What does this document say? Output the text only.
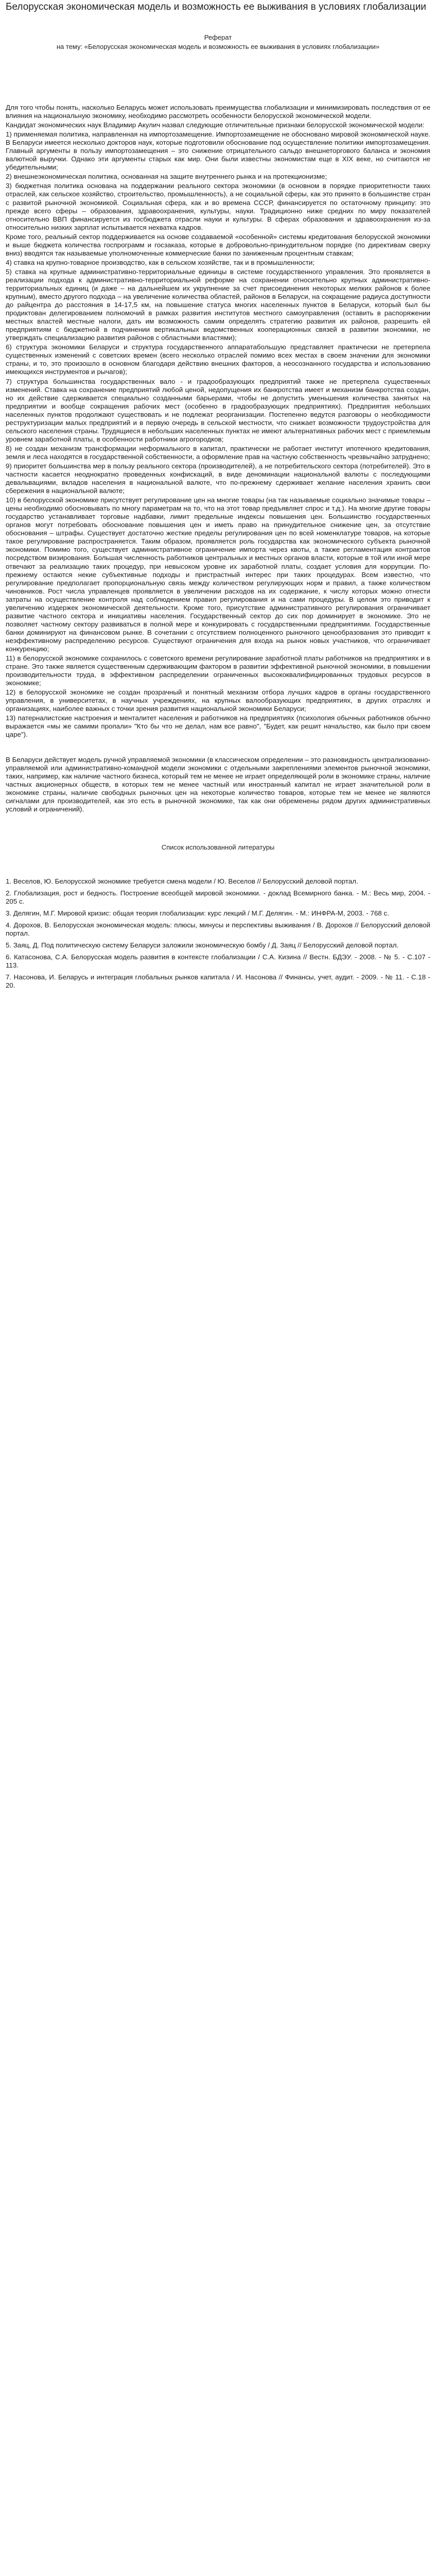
Белорусская экономическая модель и возможность ее выживания в условиях глобализации
Реферат
на тему: «Белорусская экономическая модель и возможность ее выживания в условиях глобализации»

Для того чтобы понять, насколько Беларусь может использовать преимущества глобализации и минимизировать последствия от ее влияния на национальную экономику, необходимо рассмотреть особенности белорусской экономической модели.

Кандидат экономических наук Владимир Акулич назвал следующие отличительные признаки белорусской экономической модели:

1) применяемая политика, направленная на импортозамещение. Импортозамещение не обосновано мировой экономической науке. В Беларуси имеется несколько докторов наук, которые подготовили обоснование под осуществление политики импортозамещения. Главный аргументы в пользу импортозамещения – это снижение отрицательного сальдо внешнеторгового баланса и экономия валютной выручки. Однако эти аргументы старых как мир. Они были известны экономистам еще в XIX веке, но считаются не убедительными;

2) внешнеэкономическая политика, основанная на защите внутреннего рынка и на протекционизме;

3) бюджетная политика основана на поддержании реального сектора экономики (в основном в порядке приоритетности таких отраслей, как сельское хозяйство, строительство, промышленность), а не социальной сферы, как это принято в большинстве стран с развитой рыночной экономикой. Социальная сфера, как и во времена СССР, финансируется по остаточному принципу: это прежде всего сферы – образования, здравоохранения, культуры, науки. Традиционно ниже средних по миру показателей относительно ВВП финансируется из госбюджета отрасли науки и культуры. В сферах образования и здравоохранения из-за относительно низких зарплат испытывается нехватка кадров.

Кроме того, реальный сектор поддерживается на основе создаваемой «особенной» системы кредитования белорусской экономики и выше бюджета количества госпрограмм и госзаказа, которые в добровольно-принудительном порядке (по директивам сверху вниз) вводятся так называемые уполномоченные коммерческие банки по заниженным процентным ставкам;

4) ставка на крупно-товарное производство, как в сельском хозяйстве, так и в промышленности;

5) ставка на крупные административно-территориальные единицы в системе государственного управления. Это проявляется в реализации подхода к административно-территориальной реформе на сохранении относительно крупных административно-территориальных единиц (и даже – на дальнейшем их укрупнение за счет присоединения некоторых мелких районов к более крупным), вместо другого подхода – на увеличение количества областей, районов в Беларуси, на сокращение радиуса доступности до райцентра до расстояния в 14-17,5 км, на повышение статуса многих населенных пунктов в Беларуси, который был бы продиктован делегированием полномочий в рамках развития институтов местного самоуправления (оставить в распоряжении местных властей местные налоги, дать им возможность самим определять стратегию развития их районов, разрешить ей предприятиям с бюджетной в подчинении вертикальных ведомственных кооперационных связей в развитии экономики, не утверждать специализацию развития районов с областными властями);

6) структура экономики Беларуси и структура государственного аппаратабольшую представляет практически не претерпела существенных изменений с советских времен (всего несколько отраслей помимо всех местах в своем значении для экономики страны, и то, это произошло в основном благодаря действию внешних факторов, а неосознанного государства и использованию имеющихся инструментов и рычагов);

7) структура большинства государственных вало - и градообразующих предприятий также не претерпела существенных изменений. Ставка на сохранение предприятий любой ценой, недопущения их банкротства имеет и механизм банкротства создан, но их действие сдерживается специально созданными барьерами, чтобы не допустить уменьшения количества занятых на предприятии и вообще сокращения рабочих мест (особенно в градообразующих предприятиях). Предприятия небольших населенных пунктов продолжают существовать и не подлежат реорганизации. Постепенно ведутся разговоры о необходимости реструктуризации малых предприятий и в первую очередь в сельской местности, что снижает возможности трудоустройства для сельского населения страны. Трудящиеся в небольших населенных пунктах не имеют альтернативных рабочих мест с приемлемым уровнем заработной платы, в особенности работники агрогородков;

8) не создан механизм трансформации неформального в капитал, практически не работает институт ипотечного кредитования, земля и леса находятся в государственной собственности, а оформление прав на частную собственность чрезвычайно затруднено;

9) приоритет большинства мер в пользу реального сектора (производителей), а не потребительского сектора (потребителей). Это в частности касается неоднократно проведенных конфискаций, в виде деноминации национальной валюты с последующими девальвациями, вкладов населения в национальной валюте, что по-прежнему сдерживает желание населения хранить свои сбережения в национальной валюте;

10) в белорусской экономике присутствует регулирование цен на многие товары (на так называемые социально значимые товары – цены необходимо обосновывать по многу параметрам на то, что на этот товар предъявляет спрос и т.д.). На многие другие товары государство устанавливает торговые надбавки, лимит предельные индексы повышения цен. Большинство государственных органов могут потребовать обоснование повышения цен и иметь право на принудительное снижение цен, за отсутствие обоснования – штрафы. Существует достаточно жесткие пределы регулирования цен по всей номенклатуре товаров, на которые такое регулирование распространяется. Таким образом, проявляется роль государства как экономического субъекта рыночной экономики. Помимо того, существует административное ограничение импорта через квоты, а также регламентация контрактов посредством визирования. Большая численность работников центральных и местных органов власти, которые в той или иной мере отвечают за реализацию таких процедур, при невысоком уровне их заработной платы, создает условия для коррупции. По-прежнему остаются некие субъективные подходы и пристрастный интерес при таких процедурах. Всем известно, что регулирование предполагает пропорциональную связь между количеством регулирующих норм и правил, а также количеством чиновников. Рост числа управленцев проявляется в увеличении расходов на их содержание, к числу которых можно отнести затраты на осуществление контроля над соблюдением правил регулирования и на сами процедуры. В целом это приводит к увеличению издержек экономической деятельности. Кроме того, присутствие административного регулирования ограничивает развитие частного сектора и инициативы населения. Государственный сектор до сих пор доминирует в экономике. Это не позволяет частному сектору развиваться в полной мере и конкурировать с государственными предприятиями. Государственные банки доминируют на финансовом рынке. В сочетании с отсутствием полноценного рыночного ценообразования это приводит к неэффективному распределению ресурсов. Существуют ограничения для входа на рынок новых участников, что ограничивает конкуренцию;

11) в белорусской экономике сохранилось с советского времени регулирование заработной платы работников на предприятиях и в стране. Это также является существенным сдерживающим фактором в развитии эффективной рыночной экономики, в повышении производительности труда, в эффективном распределении ограниченных высококвалифицированных трудовых ресурсов в экономике;

12) в белорусской экономике не создан прозрачный и понятный механизм отбора лучших кадров в органы государственного управления, в университетах, в научных учреждениях, на крупных валообразующих предприятиях, в других отраслях и организациях, наиболее важных с точки зрения развития национальной экономики Беларуси;

13) патерналистские настроения и менталитет населения и работников на предприятиях (психология обычных работников обычно выражается «мы же самими пропали» "Кто бы что не делал, нам все равно", "Будет, как решит начальство, как было при своем царе").

В Беларуси действует модель ручной управляемой экономики (в классическом определении – это разновидность централизованно-управляемой или административно-командной модели экономики с отдельными закреплениями элементов рыночной экономики, таких, например, как наличие частного бизнеса, который тем не менее не играет определяющей роли в экономике страны, наличие частных акционерных обществ, в которых тем не менее частный или иностранный капитал не играет значительной роли в экономике страны, наличие свободных рыночных цен на некоторые количество товаров, которые тем не менее не являются сигналами для производителей, как это есть в рыночной экономике, так как они обременены рядом других административных условий и ограничений).

Список использованной литературы

1. Веселов, Ю. Белорусской экономике требуется смена модели / Ю. Веселов // Белорусский деловой портал.

2. Глобализация, рост и бедность. Построение всеобщей мировой экономики. - доклад Всемирного банка. - М.: Весь мир, 2004. - 205 с.

3. Делягин, М.Г. Мировой кризис: общая теория глобализации: курс лекций / М.Г. Делягин. - М.: ИНФРА-М, 2003. - 768 с.

4. Дорохов, В. Белорусская экономическая модель: плюсы, минусы и перспективы выживания / В. Дорохов // Белорусский деловой портал.

5. Заяц, Д. Под политическую систему Беларуси заложили экономическую бомбу / Д. Заяц // Белорусский деловой портал.

6. Катасонова, С.А. Белорусская модель развития в контексте глобализации / С.А. Кизина // Вестн. БДЭУ. - 2008. - № 5. - С.107 - 113.

7. Насонова, И. Беларусь и интеграция глобальных рынков капитала / И. Насонова // Финансы, учет, аудит. - 2009. - № 11. - С.18 - 20.
